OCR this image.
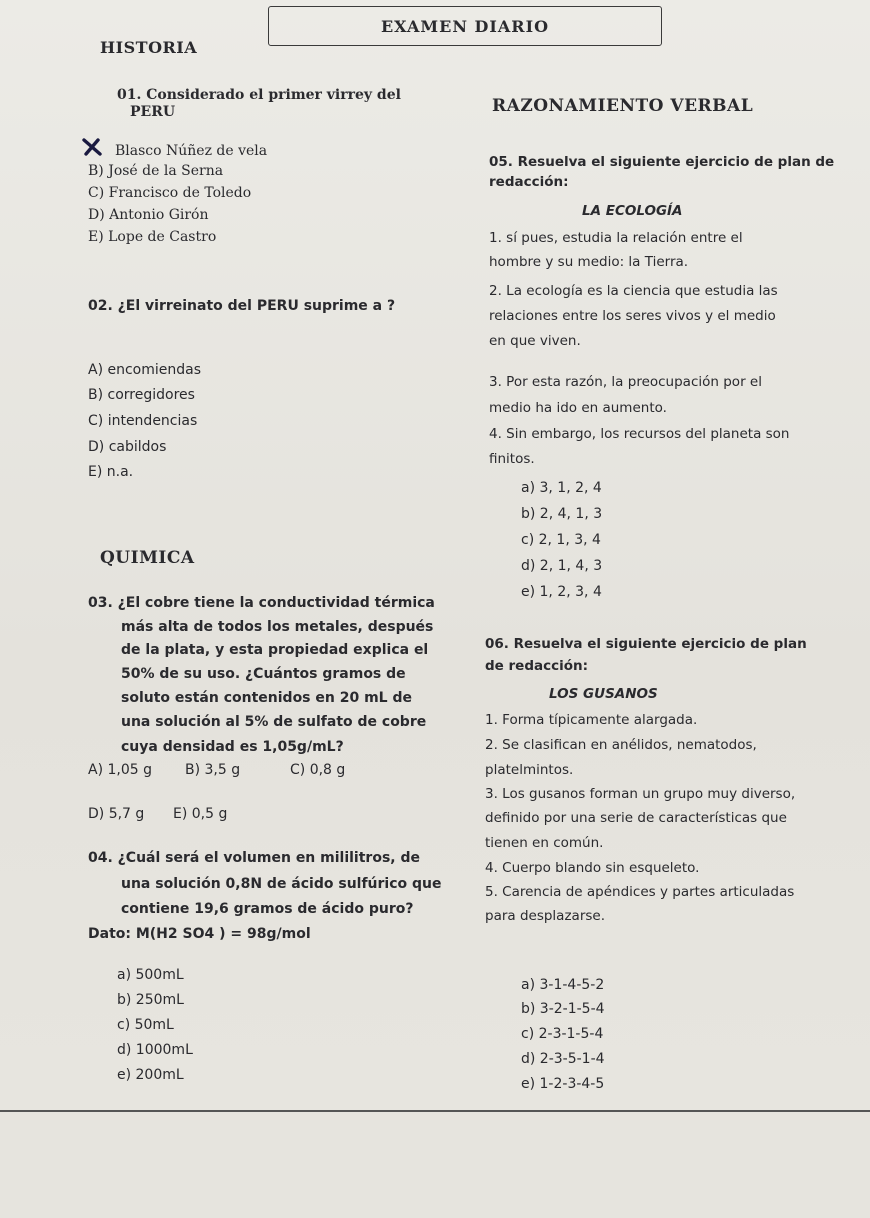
EXAMEN DIARIO
HISTORIA
01. Considerado el primer virrey del
PERU
Blasco Núñez de vela
B) José de la Serna
C) Francisco de Toledo
D) Antonio Girón
E) Lope de Castro
02. ¿El virreinato del PERU suprime a ?
A) encomiendas
B) corregidores
C) intendencias
D) cabildos
E) n.a.
QUIMICA
03. ¿El cobre tiene la conductividad térmica
más alta de todos los metales, después
de la plata, y esta propiedad explica el
50% de su uso. ¿Cuántos gramos de
soluto están contenidos en 20 mL de
una solución al 5% de sulfato de cobre
cuya densidad es 1,05g/mL?
A) 1,05 g B) 3,5 g	C) 0,8 g
D) 5,7 g E) 0,5 g
04. ¿Cuál será el volumen en mililitros, de
una solución 0,8N de ácido sulfúrico que
contiene 19,6 gramos de ácido puro?
Dato: M(H2 SO4 ) = 98g/mol
a) 500mL
b) 250mL
c) 50mL
d) 1000mL
e) 200mL
RAZONAMIENTO VERBAL
05. Resuelva el siguiente ejercicio de plan de
redacción:
LA ECOLOGÍA
1. sí pues, estudia la relación entre el
hombre y su medio: la Tierra.
2. La ecología es la ciencia que estudia las
relaciones entre los seres vivos y el medio
en que viven.
3. Por esta razón, la preocupación por el
medio ha ido en aumento.
4. Sin embargo, los recursos del planeta son
finitos.
a) 3, 1, 2, 4
b) 2, 4, 1, 3
c) 2, 1, 3, 4
d) 2, 1, 4, 3
e) 1, 2, 3, 4
06. Resuelva el siguiente ejercicio de plan
de redacción:
LOS GUSANOS
1. Forma típicamente alargada.
2. Se clasifican en anélidos, nematodos,
platelmintos.
3. Los gusanos forman un grupo muy diverso,
definido por una serie de características que
tienen en común.
4. Cuerpo blando sin esqueleto.
5. Carencia de apéndices y partes articuladas
para desplazarse.
a) 3-1-4-5-2
b) 3-2-1-5-4
c) 2-3-1-5-4
d) 2-3-5-1-4
e) 1-2-3-4-5
